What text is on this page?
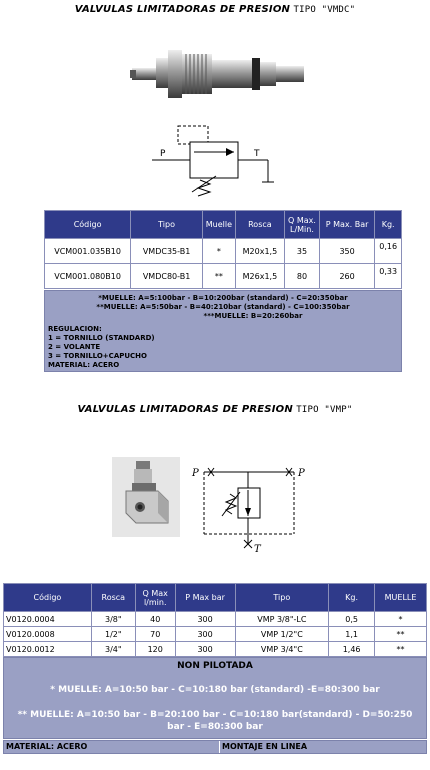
VALVULAS LIMITADORAS DE PRESION TIPO "VMDC"
P	T
Código	Tipo	Muelle	Rosca	Q Max. L/Min.	P Max. Bar	Kg.
VCM001.035B10	VMDC35-B1	*	M20x1,5	35	350	0,16
VCM001.080B10	VMDC80-B1	**	M26x1,5	80	260	0,33
*MUELLE: A=5:100bar - B=10:200bar (standard) - C=20:350bar
**MUELLE: A=5:50bar - B=40:210bar (standard) - C=100:350bar
***MUELLE: B=20:260bar
REGULACION:
1 = TORNILLO (STANDARD)
2 = VOLANTE
3 = TORNILLO+CAPUCHO
MATERIAL: ACERO
VALVULAS LIMITADORAS DE PRESION TIPO "VMP"
P	P
T
Código	Rosca	Q Max l/min.	P Max bar	Tipo	Kg.	MUELLE
V0120.0004	3/8"	40	300	VMP 3/8"-LC	0,5	*
V0120.0008	1/2"	70	300	VMP 1/2"C	1,1	**
V0120.0012	3/4"	120	300	VMP 3/4"C	1,46	**
NON PILOTADA
* MUELLE: A=10:50 bar - C=10:180 bar (standard) -E=80:300 bar
** MUELLE: A=10:50 bar - B=20:100 bar - C=10:180 bar(standard) - D=50:250 bar - E=80:300 bar
MATERIAL: ACERO	MONTAJE EN LINEA
